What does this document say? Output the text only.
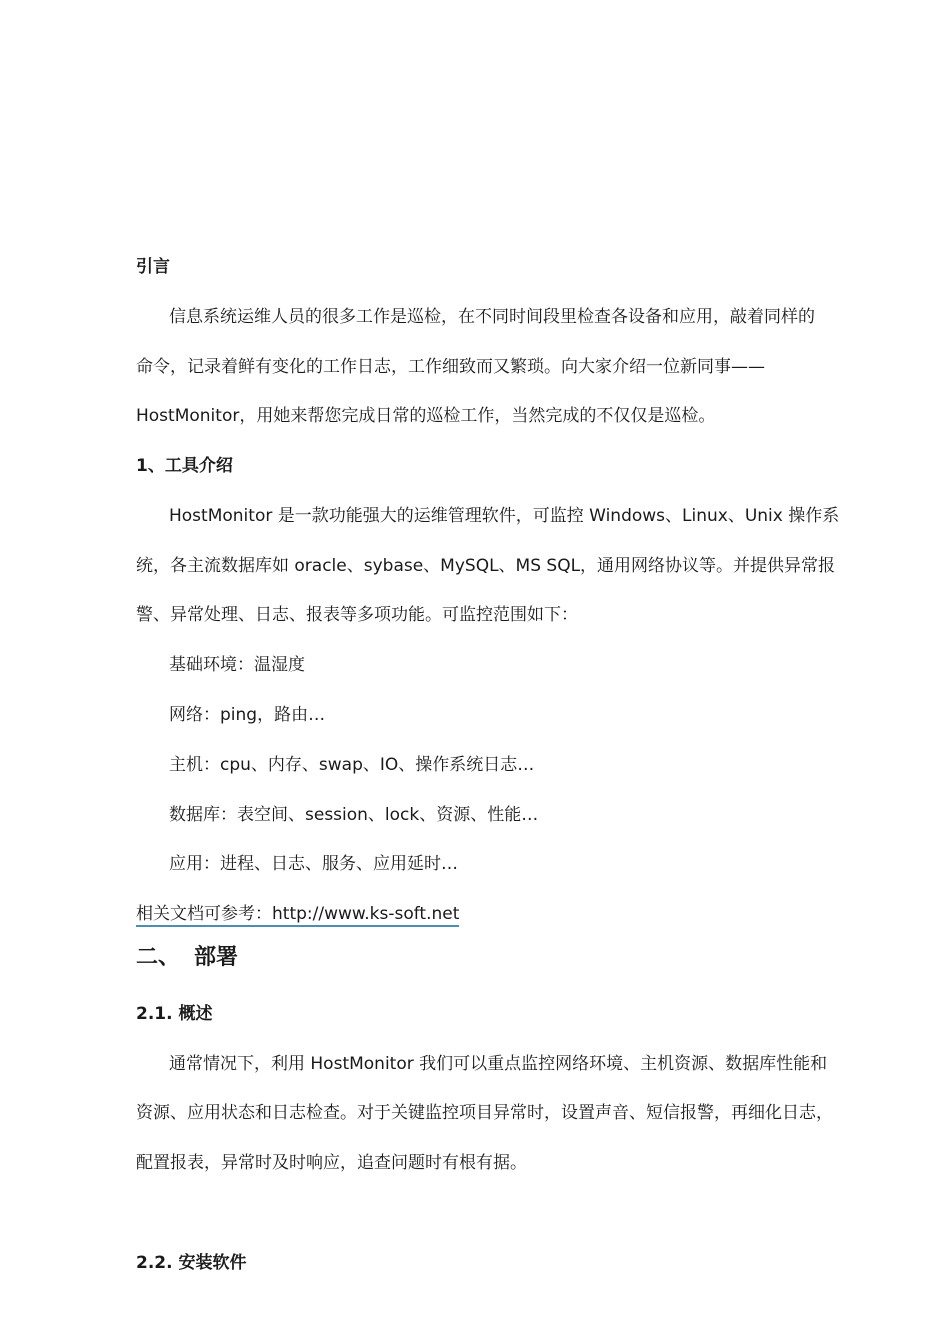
引言
信息系统运维人员的很多工作是巡检，在不同时间段里检查各设备和应用，敲着同样的
命令，记录着鲜有变化的工作日志，工作细致而又繁琐。向大家介绍一位新同事——
HostMonitor，用她来帮您完成日常的巡检工作，当然完成的不仅仅是巡检。
1、工具介绍
HostMonitor 是一款功能强大的运维管理软件，可监控 Windows、Linux、Unix 操作系
统，各主流数据库如 oracle、sybase、MySQL、MS SQL，通用网络协议等。并提供异常报
警、异常处理、日志、报表等多项功能。可监控范围如下：
基础环境：温湿度
网络：ping，路由…
主机：cpu、内存、swap、IO、操作系统日志…
数据库：表空间、session、lock、资源、性能…
应用：进程、日志、服务、应用延时…
相关文档可参考：http://www.ks-soft.net
二、 部署
2.1. 概述
通常情况下，利用 HostMonitor 我们可以重点监控网络环境、主机资源、数据库性能和
资源、应用状态和日志检查。对于关键监控项目异常时，设置声音、短信报警，再细化日志，
配置报表，异常时及时响应，追查问题时有根有据。
2.2. 安装软件
